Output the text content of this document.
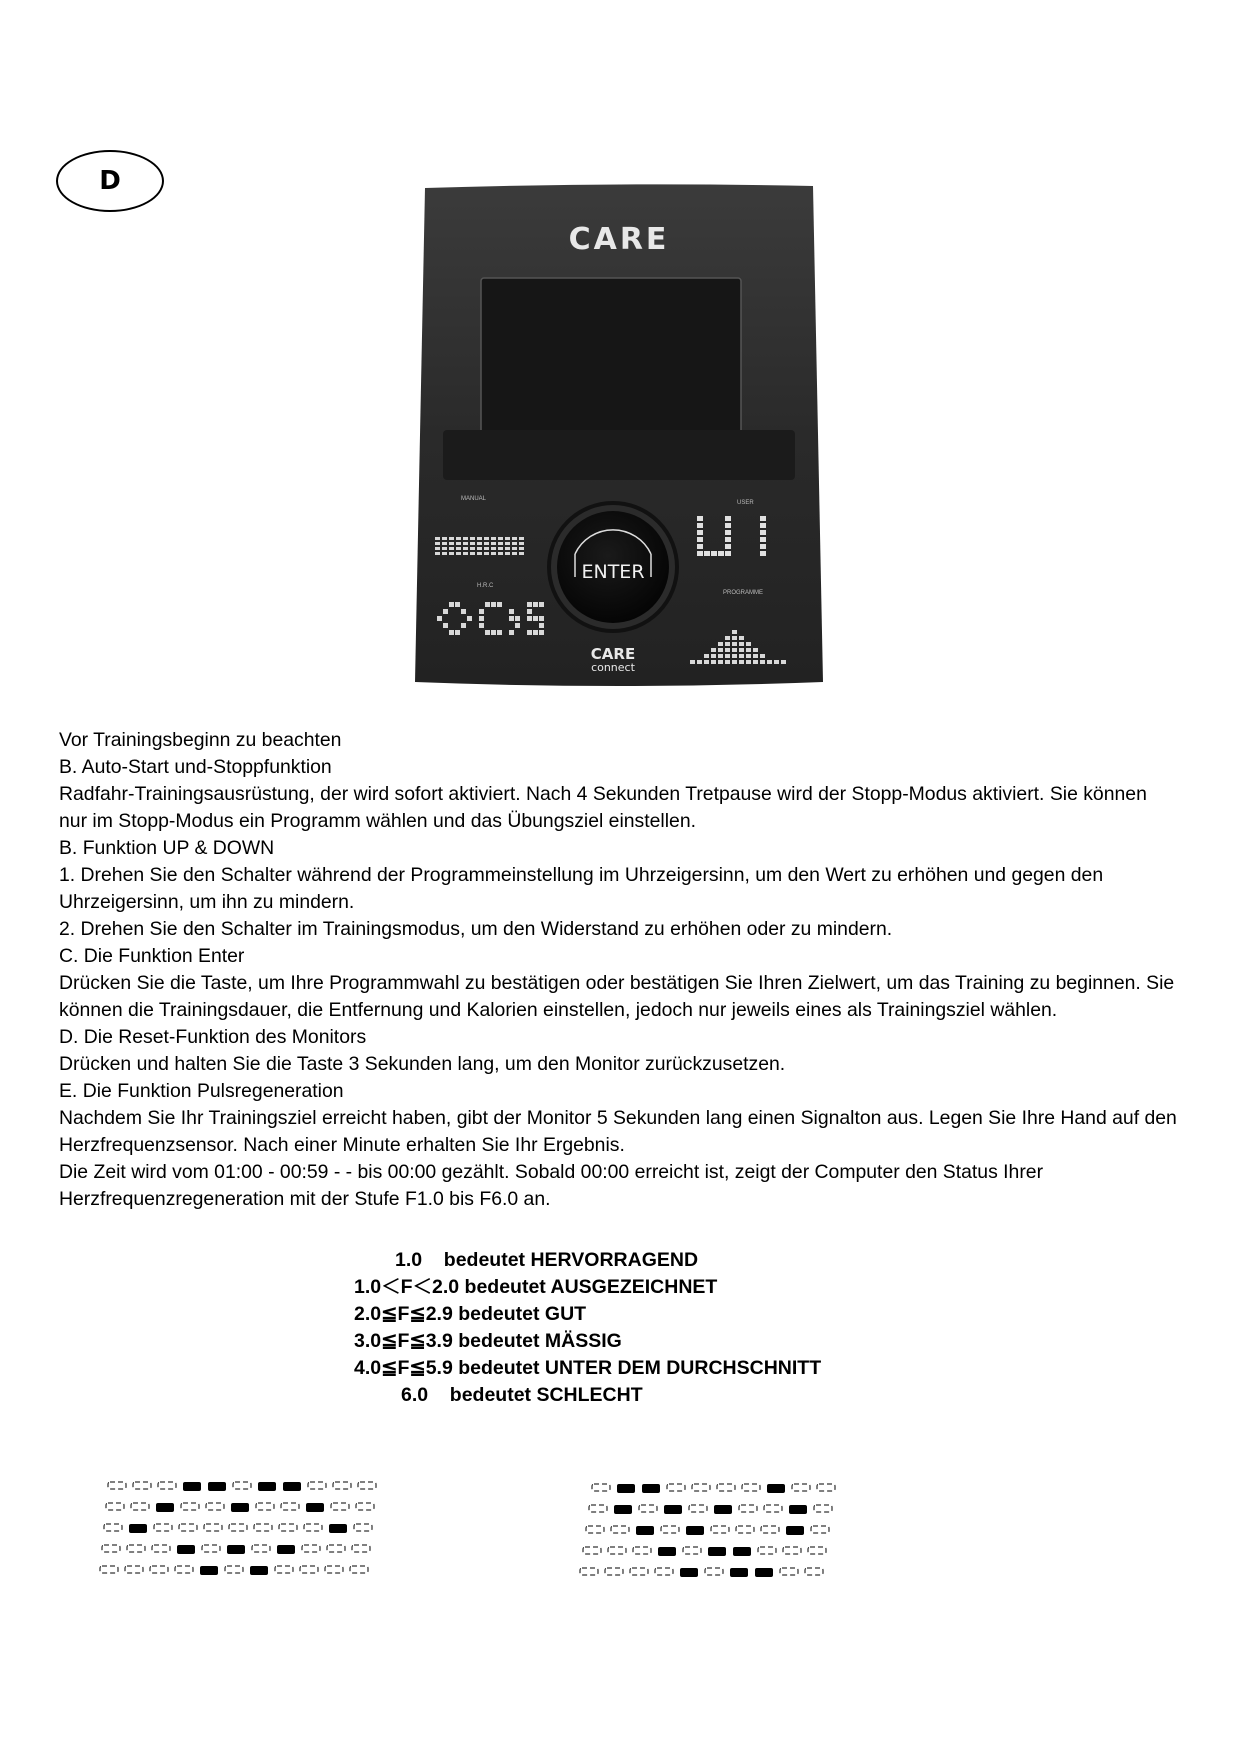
D
CARE
MANUAL
USER
H.R.C
PROGRAMME
ENTER
CARE
connect

Vor Trainingsbeginn zu beachten

B. Auto-Start und-Stoppfunktion

Radfahr-Trainingsausrüstung, der wird sofort aktiviert. Nach 4 Sekunden Tretpause wird der Stopp-Modus aktiviert. Sie können nur im Stopp-Modus ein Programm wählen und das Übungsziel einstellen.

B. Funktion UP & DOWN

1. Drehen Sie den Schalter während der Programmeinstellung im Uhrzeigersinn, um den Wert zu erhöhen und gegen den Uhrzeigersinn, um ihn zu mindern.

2. Drehen Sie den Schalter im Trainingsmodus, um den Widerstand zu erhöhen oder zu mindern.

C. Die Funktion Enter

Drücken Sie die Taste, um Ihre Programmwahl zu bestätigen oder bestätigen Sie Ihren Zielwert, um das Training zu beginnen. Sie können die Trainingsdauer, die Entfernung und Kalorien einstellen, jedoch nur jeweils eines als Trainingsziel wählen.

D. Die Reset-Funktion des Monitors

Drücken und halten Sie die Taste 3 Sekunden lang, um den Monitor zurückzusetzen.

E. Die Funktion Pulsregeneration

Nachdem Sie Ihr Trainingsziel erreicht haben, gibt der Monitor 5 Sekunden lang einen Signalton aus. Legen Sie Ihre Hand auf den Herzfrequenzsensor. Nach einer Minute erhalten Sie Ihr Ergebnis.

Die Zeit wird vom 01:00 - 00:59 - - bis 00:00 gezählt. Sobald 00:00 erreicht ist, zeigt der Computer den Status Ihrer Herzfrequenzregeneration mit der Stufe F1.0 bis F6.0 an.

1.0    bedeutet HERVORRAGEND

1.0＜F＜2.0 bedeutet AUSGEZEICHNET

2.0≦F≦2.9 bedeutet GUT

3.0≦F≦3.9 bedeutet MÄSSIG

4.0≦F≦5.9 bedeutet UNTER DEM DURCHSCHNITT

6.0    bedeutet SCHLECHT
